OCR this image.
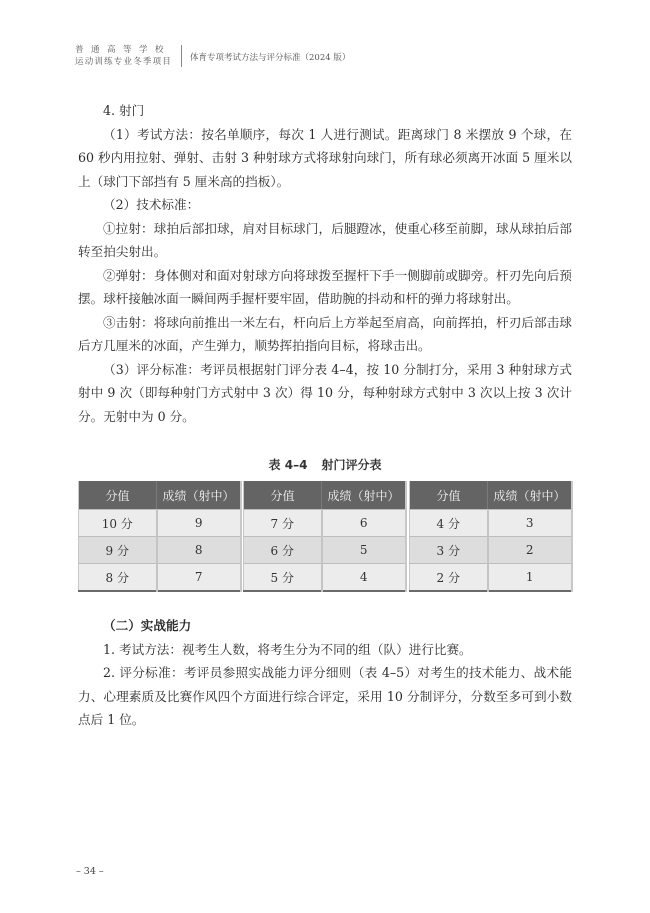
普通高等学校
运动训练专业冬季项目	体育专项考试方法与评分标准（2024 版）

4. 射门

（1）考试方法：按名单顺序，每次 1 人进行测试。距离球门 8 米摆放 9 个球，在 60 秒内用拉射、弹射、击射 3 种射球方式将球射向球门，所有球必须离开冰面 5 厘米以上（球门下部挡有 5 厘米高的挡板）。

（2）技术标准：

①拉射：球拍后部扣球，肩对目标球门，后腿蹬冰，使重心移至前脚，球从球拍后部转至拍尖射出。

②弹射：身体侧对和面对射球方向将球拨至握杆下手一侧脚前或脚旁。杆刃先向后预摆。球杆接触冰面一瞬间两手握杆要牢固，借助腕的抖动和杆的弹力将球射出。

③击射：将球向前推出一米左右，杆向后上方举起至肩高，向前挥拍，杆刃后部击球后方几厘米的冰面，产生弹力，顺势挥拍指向目标，将球击出。

（3）评分标准：考评员根据射门评分表 4–4，按 10 分制打分，采用 3 种射球方式射中 9 次（即每种射门方式射中 3 次）得 10 分，每种射球方式射中 3 次以上按 3 次计分。无射中为 0 分。

表 4–4 射门评分表
分值	成绩（射中）
10 分	9
9 分	8
8 分	7
分值	成绩（射中）
7 分	6
6 分	5
5 分	4
分值	成绩（射中）
4 分	3
3 分	2
2 分	1

（二）实战能力

1. 考试方法：视考生人数，将考生分为不同的组（队）进行比赛。

2. 评分标准：考评员参照实战能力评分细则（表 4–5）对考生的技术能力、战术能力、心理素质及比赛作风四个方面进行综合评定，采用 10 分制评分，分数至多可到小数点后 1 位。

– 34 –
